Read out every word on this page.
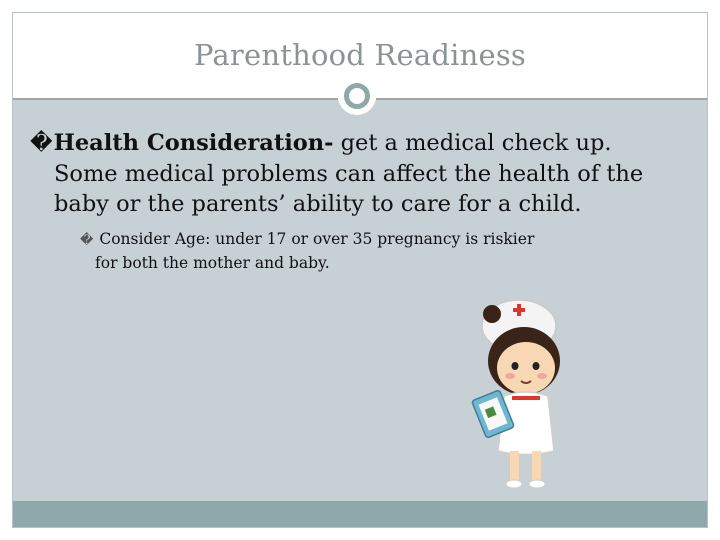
Parenthood Readiness
�Health Consideration- get a medical check up.
Some medical problems can affect the health of the
baby or the parents’ ability to care for a child.
� Consider Age: under 17 or over 35 pregnancy is riskier
for both the mother and baby.
